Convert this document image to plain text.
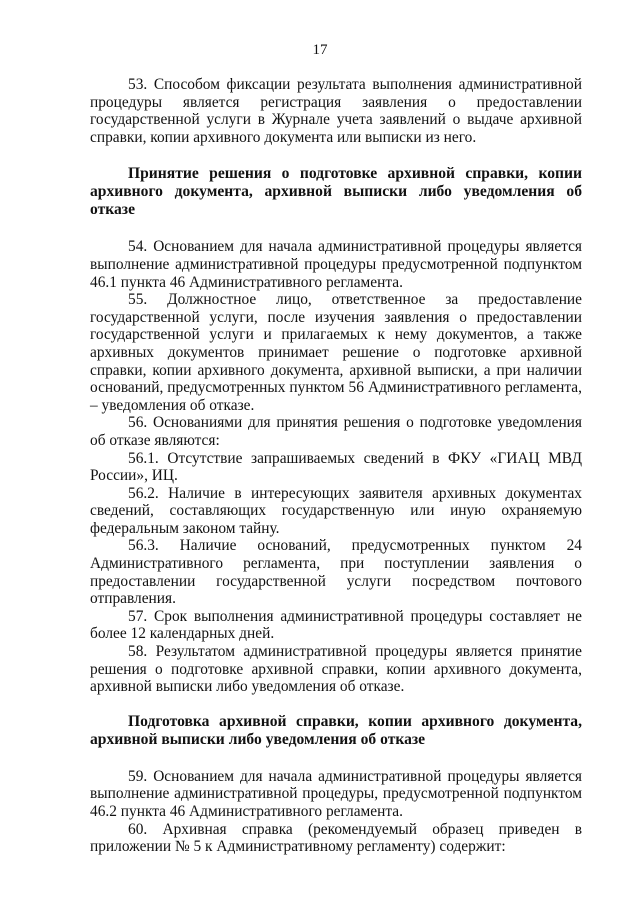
17

53. Способом фиксации результата выполнения административной процедуры является регистрация заявления о предоставлении государственной услуги в Журнале учета заявлений о выдаче архивной справки, копии архивного документа или выписки из него.

Принятие решения о подготовке архивной справки, копии архивного документа, архивной выписки либо уведомления об отказе

54. Основанием для начала административной процедуры является выполнение административной процедуры предусмотренной подпунктом 46.1 пункта 46 Административного регламента.

55. Должностное лицо, ответственное за предоставление государственной услуги, после изучения заявления о предоставлении государственной услуги и прилагаемых к нему документов, а также архивных документов принимает решение о подготовке архивной справки, копии архивного документа, архивной выписки, а при наличии оснований, предусмотренных пунктом 56 Административного регламента, – уведомления об отказе.

56. Основаниями для принятия решения о подготовке уведомления об отказе являются:

56.1. Отсутствие запрашиваемых сведений в ФКУ «ГИАЦ МВД России», ИЦ.

56.2. Наличие в интересующих заявителя архивных документах сведений, составляющих государственную или иную охраняемую федеральным законом тайну.

56.3. Наличие оснований, предусмотренных пунктом 24 Административного регламента, при поступлении заявления о предоставлении государственной услуги посредством почтового отправления.

57. Срок выполнения административной процедуры составляет не более 12 календарных дней.

58. Результатом административной процедуры является принятие решения о подготовке архивной справки, копии архивного документа, архивной выписки либо уведомления об отказе.

Подготовка архивной справки, копии архивного документа, архивной выписки либо уведомления об отказе

59. Основанием для начала административной процедуры является выполнение административной процедуры, предусмотренной подпунктом 46.2 пункта 46 Административного регламента.

60. Архивная справка (рекомендуемый образец приведен в приложении № 5 к Административному регламенту) содержит:
